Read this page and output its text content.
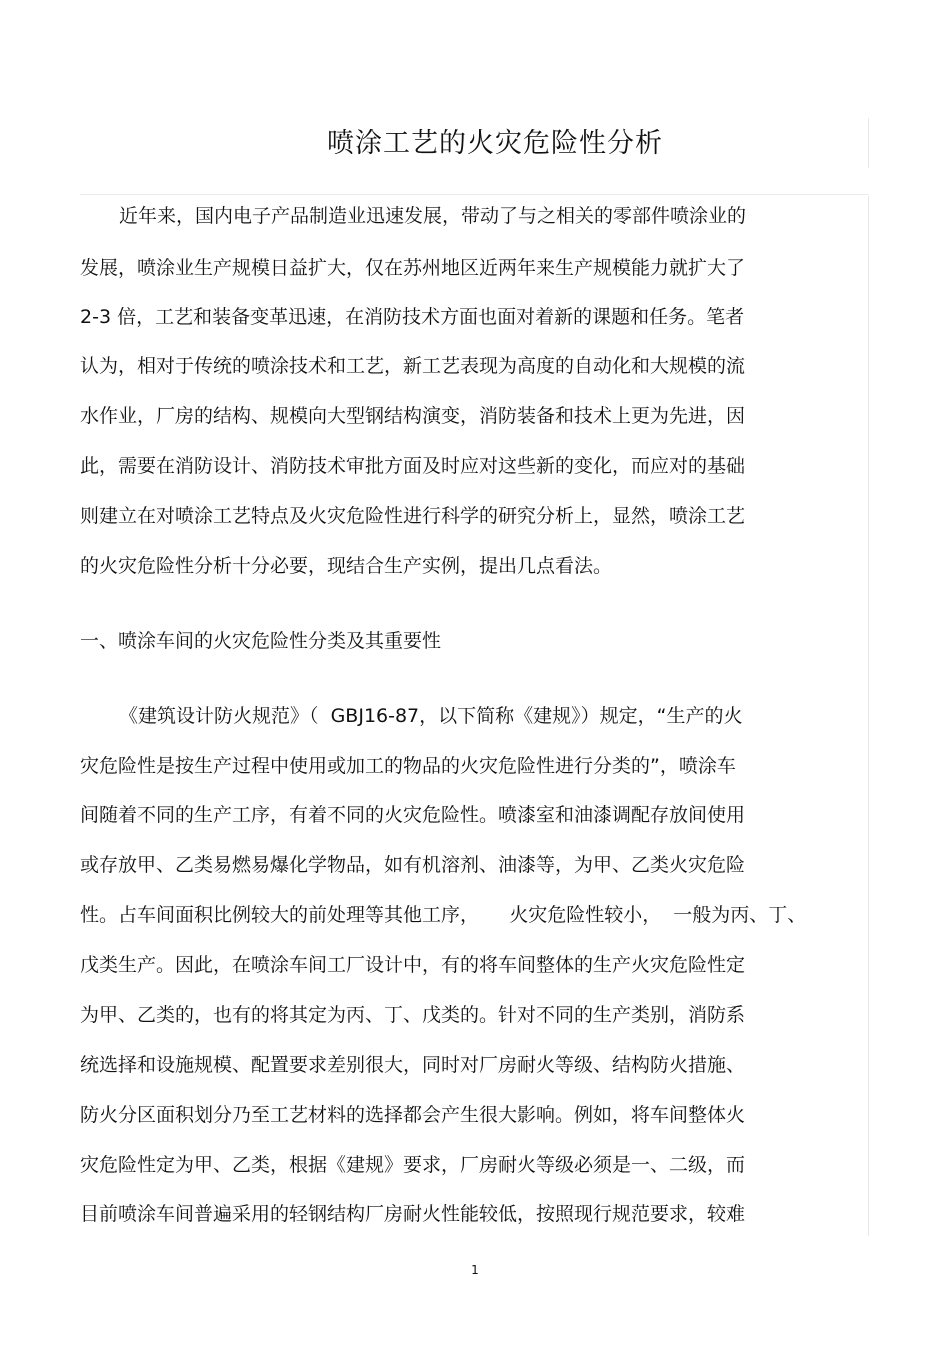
喷涂工艺的火灾危险性分析
近年来，国内电子产品制造业迅速发展，带动了与之相关的零部件喷涂业的
发展，喷涂业生产规模日益扩大，仅在苏州地区近两年来生产规模能力就扩大了
2-3 倍，工艺和装备变革迅速，在消防技术方面也面对着新的课题和任务。笔者
认为，相对于传统的喷涂技术和工艺，新工艺表现为高度的自动化和大规模的流
水作业，厂房的结构、规模向大型钢结构演变，消防装备和技术上更为先进，因
此，需要在消防设计、消防技术审批方面及时应对这些新的变化，而应对的基础
则建立在对喷涂工艺特点及火灾危险性进行科学的研究分析上，显然，喷涂工艺
的火灾危险性分析十分必要，现结合生产实例，提出几点看法。
一、喷涂车间的火灾危险性分类及其重要性
《建筑设计防火规范》（  GBJ16-87，以下简称《建规》）规定，“生产的火
灾危险性是按生产过程中使用或加工的物品的火灾危险性进行分类的”，喷涂车
间随着不同的生产工序，有着不同的火灾危险性。喷漆室和油漆调配存放间使用
或存放甲、乙类易燃易爆化学物品，如有机溶剂、油漆等，为甲、乙类火灾危险
性。占车间面积比例较大的前处理等其他工序，     火灾危险性较小，  一般为丙、丁、
戊类生产。因此，在喷涂车间工厂设计中，有的将车间整体的生产火灾危险性定
为甲、乙类的，也有的将其定为丙、丁、戊类的。针对不同的生产类别，消防系
统选择和设施规模、配置要求差别很大，同时对厂房耐火等级、结构防火措施、
防火分区面积划分乃至工艺材料的选择都会产生很大影响。例如，将车间整体火
灾危险性定为甲、乙类，根据《建规》要求，厂房耐火等级必须是一、二级，而
目前喷涂车间普遍采用的轻钢结构厂房耐火性能较低，按照现行规范要求，较难
1
